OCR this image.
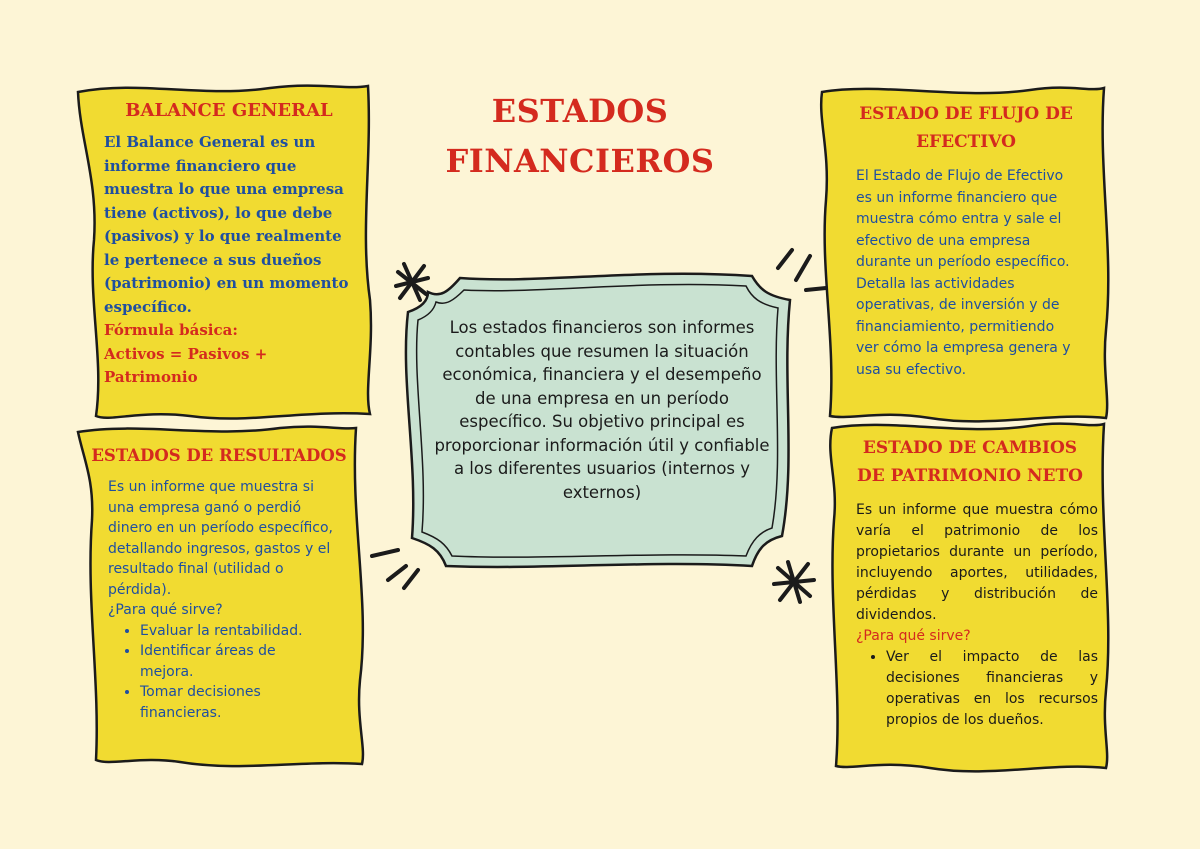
ESTADOS
FINANCIEROS
BALANCE GENERAL
El Balance General es un informe financiero que muestra lo que una empresa tiene (activos), lo que debe (pasivos) y lo que realmente le pertenece a sus dueños (patrimonio) en un momento específico.
Fórmula básica:
Activos = Pasivos + Patrimonio
ESTADOS DE RESULTADOS
Es un informe que muestra si una empresa ganó o perdió dinero en un período específico, detallando ingresos, gastos y el resultado final (utilidad o pérdida).
¿Para qué sirve?
• Evaluar la rentabilidad.
• Identificar áreas de mejora.
• Tomar decisiones financieras.
Los estados financieros son informes contables que resumen la situación económica, financiera y el desempeño de una empresa en un período específico. Su objetivo principal es proporcionar información útil y confiable a los diferentes usuarios (internos y externos)
ESTADO DE FLUJO DE EFECTIVO
El Estado de Flujo de Efectivo es un informe financiero que muestra cómo entra y sale el efectivo de una empresa durante un período específico. Detalla las actividades operativas, de inversión y de financiamiento, permitiendo ver cómo la empresa genera y usa su efectivo.
ESTADO DE CAMBIOS DE PATRIMONIO NETO
Es un informe que muestra cómo varía el patrimonio de los propietarios durante un período, incluyendo aportes, utilidades, pérdidas y distribución de dividendos.
¿Para qué sirve?
• Ver el impacto de las decisiones financieras y operativas en los recursos propios de los dueños.
